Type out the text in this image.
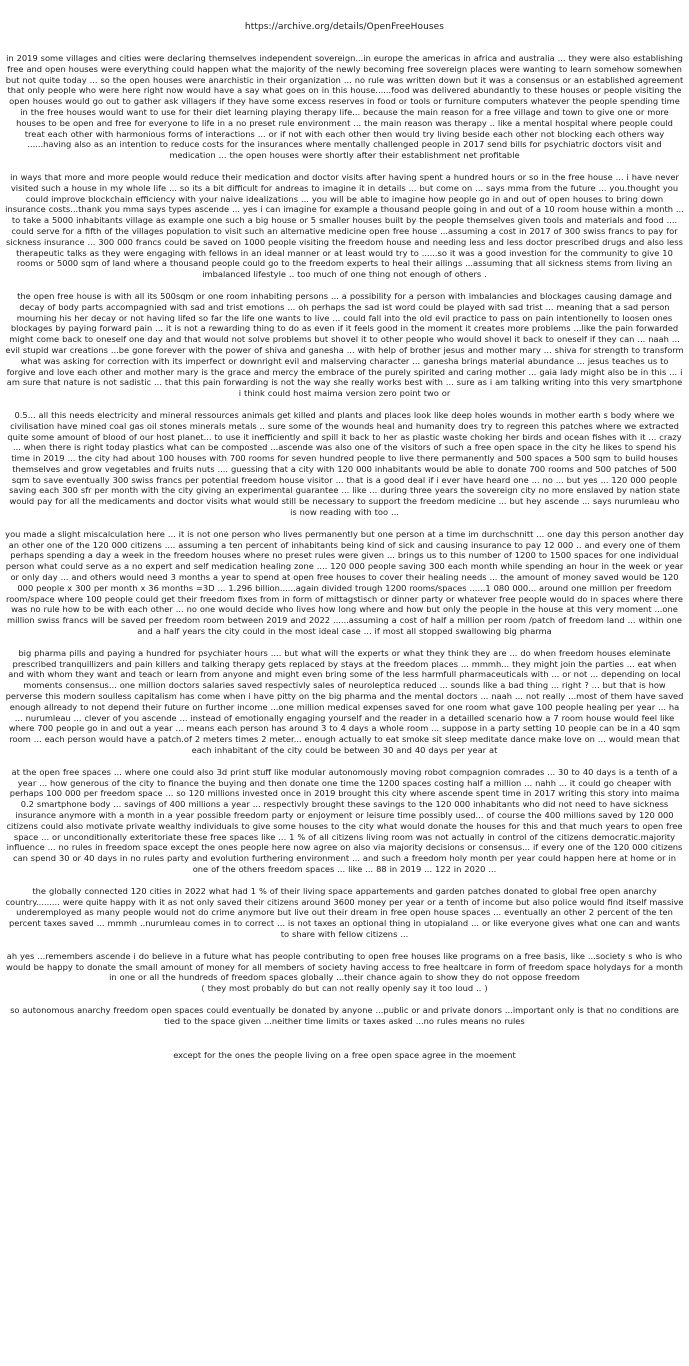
https://archive.org/details/OpenFreeHouses

in 2019 some villages and cities were declaring themselves independent sovereign...in europe the americas in africa and australia ... they were also establishing free and open houses were everything could happen what the majority of the newly becoming free sovereign places were wanting to learn somehow somewhen but not quite today ... so the open houses were anarchistic in their organization ... no rule was written down but it was a consensus or an established agreement that only people who were here right now would have a say what goes on in this house......food was delivered abundantly to these houses or people visiting the open houses would go out to gather ask villagers if they have some excess reserves in food or tools or furniture computers whatever the people spending time in the free houses would want to use for their diet learning playing therapy life... because the main reason for a free village and town to give one or more houses to be open and free for everyone to life in a no preset rule environment ... the main reason was therapy .. like a mental hospital where people could treat each other with harmonious forms of interactions ... or if not with each other then would try living beside each other not blocking each others way ......having also as an intention to reduce costs for the insurances where mentally challenged people in 2017 send bills for psychiatric doctors visit and medication ... the open houses were shortly after their establishment net profitable

in ways that more and more people would reduce their medication and doctor visits after having spent a hundred hours or so in the free house ... i have never visited such a house in my whole life ... so its a bit difficult for andreas to imagine it in details ... but come on ... says mma from the future ... you.thought you could improve blockchain efficiency with your naive idealizations ... you will be able to imagine how people go in and out of open houses to bring down insurance costs...thank you mma says types ascende ... yes i can imagine for example a thousand people going in and out of a 10 room house within a month ... to take a 5000 inhabitants village as example one such a big house or 5 smaller houses built by the people themselves given tools and materials and food .... could serve for a fifth of the villages population to visit such an alternative medicine open free house ...assuming a cost in 2017 of 300 swiss francs to pay for sickness insurance ... 300 000 francs could be saved on 1000 people visiting the freedom house and needing less and less doctor prescribed drugs and also less therapeutic talks as they were engaging with fellows in an ideal manner or at least would try to ......so it was a good investion for the community to give 10 rooms or 5000 sqm of land where a thousand people could go to the freedom experts to heal their ailings ...assuming that all sickness stems from living an imbalanced lifestyle .. too much of one thing not enough of others .

the open free house is with all its 500sqm or one room inhabiting persons ... a possibility for a person with imbalancies and blockages causing damage and decay of body parts accompagnied with sad and trist emotions ... oh perhaps the sad ist word could be played with sad trist ... meaning that a sad person mourning his her decay or not having lifed so far the life one wants to live ... could fall into the old evil practice to pass on pain intentionelly to loosen ones blockages by paying forward pain ... it is not a rewarding thing to do as even if it feels good in the moment it creates more problems ...like the pain forwarded might come back to oneself one day and that would not solve problems but shovel it to other people who would shovel it back to oneself if they can ... naah ... evil stupid war creations ...be gone forever with the power of shiva and ganesha ... with help of brother jesus and mother mary ... shiva for strength to transform what was asking for correction with its imperfect or downright evil and malserving character ... ganesha brings material abundance ... jesus teaches us to forgive and love each other and mother mary is the grace and mercy the embrace of the purely spirited and caring mother ... gaia lady might also be in this ... i am sure that nature is not sadistic ... that this pain forwarding is not the way she really works best with ... sure as i am talking writing into this very smartphone i think could host maima version zero point two or

0.5... all this needs electricity and mineral ressources animals get killed and plants and places look like deep holes wounds in mother earth s body where we civilisation have mined coal gas oil stones minerals metals .. sure some of the wounds heal and humanity does try to regreen this patches where we extracted quite some amount of blood of our host planet... to use it inefficiently and spill it back to her as plastic waste choking her birds and ocean fishes with it ... crazy ... when there is right today plastics what can be composted ...ascende was also one of the visitors of such a free open space in the city he likes to spend his time in 2019 ... the city had about 100 houses with 700 rooms for seven hundred people to live there permanently and 500 spaces a 500 sqm to build houses themselves and grow vegetables and fruits nuts .... guessing that a city with 120 000 inhabitants would be able to donate 700 rooms and 500 patches of 500 sqm to save eventually 300 swiss francs per potential freedom house visitor ... that is a good deal if i ever have heard one ... no ... but yes ... 120 000 people saving each 300 sfr per month with the city giving an experimental guarantee ... like ... during three years the sovereign city no more enslaved by nation state would pay for all the medicaments and doctor visits what would still be necessary to support the freedom medicine ... but hey ascende ... says nurumleau who is now reading with too ...

you made a slight miscalculation here ... it is not one person who lives permanently but one person at a time im durchschnitt ... one day this person another day an other one of the 120 000 citizens .... assuming a ten percent of inhabitants being kind of sick and causing insurance to pay 12 000 .. and every one of them perhaps spending a day a week in the freedom houses where no preset rules were given ... brings us to this number of 1200 to 1500 spaces for one individual person what could serve as a no expert and self medication healing zone .... 120 000 people saving 300 each month while spending an hour in the week or year or only day ... and others would need 3 months a year to spend at open free houses to cover their healing needs ... the amount of money saved would be 120 000 people x 300 per month x 36 months =3D ... 1.296 billion......again divided trough 1200 rooms/spaces ......1 080 000... around one million per freedom room/space where 100 people could get their freedom fixes from in form of mittagstisch or dinner party or whatever free people would do in spaces where there was no rule how to be with each other ... no one would decide who lives how long where and how but only the people in the house at this very moment ...one million swiss francs will be saved per freedom room between 2019 and 2022 ......assuming a cost of half a million per room /patch of freedom land ... within one and a half years the city could in the most ideal case ... if most all stopped swallowing big pharma

big pharma pills and paying a hundred for psychiater hours .... but what will the experts or what they think they are ... do when freedom houses eleminate prescribed tranquillizers and pain killers and talking therapy gets replaced by stays at the freedom places ... mmmh... they might join the parties ... eat when and with whom they want and teach or learn from anyone and might even bring some of the less harmfull pharmaceuticals with ... or not ... depending on local moments consensus... one million doctors salaries saved respectivly sales of neuroleptica reduced ... sounds like a bad thing ... right ? ... but that is how perverse this modern soulless capitalism has come when i have pitty on the big pharma and the mental doctors ... naah ... not really ...most of them have saved enough allready to not depend their future on further income ...one million medical expenses saved for one room what gave 100 people healing per year ... ha ... nurumleau ... clever of you ascende ... instead of emotionally engaging yourself and the reader in a detailled scenario how a 7 room house would feel like where 700 people go in and out a year ... means each person has around 3 to 4 days a whole room ... suppose in a party setting 10 people can be in a 40 sqm room ... each person would have a patch.of 2 meters times 2 meter... enough actually to eat smoke sit sleep meditate dance make love on ... would mean that each inhabitant of the city could be between 30 and 40 days per year at

at the open free spaces ... where one could also 3d print stuff like modular autonomously moving robot compagnion comrades ... 30 to 40 days is a tenth of a year ... how generous of the city to finance the buying and then donate one time the 1200 spaces costing half a million ... nahh ... it could go cheaper with perhaps 100 000 per freedom space ... so 120 millions invested once in 2019 brought this city where ascende spent time in 2017 writing this story into maima 0.2 smartphone body ... savings of 400 millions a year ... respectivly brought these savings to the 120 000 inhabitants who did not need to have sickness insurance anymore with a month in a year possible freedom party or enjoyment or leisure time possibly used... of course the 400 millions saved by 120 000 citizens could also motivate private wealthy individuals to give some houses to the city what would donate the houses for this and that much years to open free space ... or unconditionally exteritoriate these free spaces like ... 1 % of all citizens living room was not actually in control of the citizens democratic.majority influence ... no rules in freedom space except the ones people here now agree on also via majority decisions or consensus... if every one of the 120 000 citizens can spend 30 or 40 days in no rules party and evolution furthering environment ... and such a freedom holy month per year could happen here at home or in one of the others freedom spaces ... like ... 88 in 2019 ... 122 in 2020 ...

the globally connected 120 cities in 2022 what had 1 % of their living space appartements and garden patches donated to global free open anarchy country......... were quite happy with it as not only saved their citizens around 3600 money per year or a tenth of income but also police would find itself massive underemployed as many people would not do crime anymore but live out their dream in free open house spaces ... eventually an other 2 percent of the ten percent taxes saved ... mmmh ..nurumleau comes in to correct ... is not taxes an optional thing in utopialand ... or like everyone gives what one can and wants to share with fellow citizens ...

ah yes ...remembers ascende i do believe in a future what has people contributing to open free houses like programs on a free basis, like ...society s who is who would be happy to donate the small amount of money for all members of society having access to free healtcare in form of freedom space holydays for a month in one or all the hundreds of freedom spaces globally ...their chance again to show they do not oppose freedom

( they most probably do but can not really openly say it too loud .. )

so autonomous anarchy freedom open spaces could eventually be donated by anyone ...public or and private donors ...important only is that no conditions are tied to the space given ...neither time limits or taxes asked ...no rules means no rules

except for the ones the people living on a free open space agree in the moement
